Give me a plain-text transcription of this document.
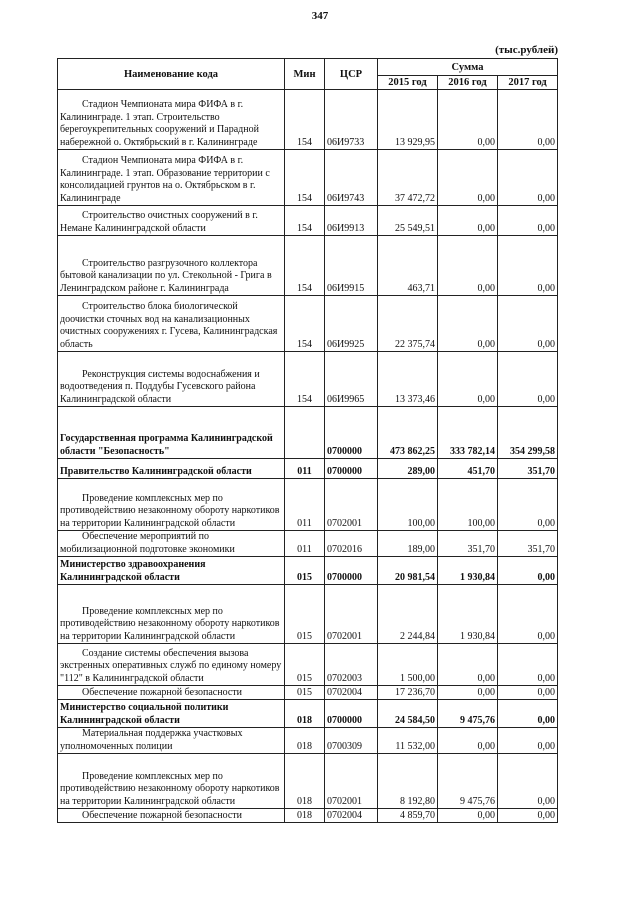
347
(тыс.рублей)
Наименование кода	Мин	ЦСР	Сумма		
			2015 год	2016 год	2017 год
Стадион Чемпионата мира ФИФА в г. Калининграде. 1 этап. Строительство берегоукрепительных сооружений и Парадной набережной о. Октябрьский в г. Калининграде	154	06И9733	13 929,95	0,00	0,00
Стадион Чемпионата мира ФИФА в г. Калининграде. 1 этап. Образование территории с консолидацией грунтов на о. Октябрьском в г. Калининграде	154	06И9743	37 472,72	0,00	0,00
Строительство очистных сооружений в г. Немане Калининградской области	154	06И9913	25 549,51	0,00	0,00
Строительство разгрузочного коллектора бытовой канализации по ул. Стекольной - Грига в Ленинградском районе г. Калининграда	154	06И9915	463,71	0,00	0,00
Строительство блока биологической доочистки сточных вод на канализационных очистных сооружениях г. Гусева, Калининградская область	154	06И9925	22 375,74	0,00	0,00
Реконструкция системы водоснабжения и водоотведения п. Поддубы Гусевского района Калининградской области	154	06И9965	13 373,46	0,00	0,00
Государственная программа Калининградской области "Безопасность"		0700000	473 862,25	333 782,14	354 299,58
Правительство Калининградской области	011	0700000	289,00	451,70	351,70
Проведение комплексных мер по противодействию незаконному обороту наркотиков на территории Калининградской области	011	0702001	100,00	100,00	0,00
Обеспечение мероприятий по мобилизационной подготовке экономики	011	0702016	189,00	351,70	351,70
Министерство здравоохранения Калининградской области	015	0700000	20 981,54	1 930,84	0,00
Проведение комплексных мер по противодействию незаконному обороту наркотиков на территории Калининградской области	015	0702001	2 244,84	1 930,84	0,00
Создание системы обеспечения вызова экстренных оперативных служб по единому номеру "112" в Калининградской области	015	0702003	1 500,00	0,00	0,00
Обеспечение пожарной безопасности	015	0702004	17 236,70	0,00	0,00
Министерство социальной политики Калининградской области	018	0700000	24 584,50	9 475,76	0,00
Материальная поддержка участковых уполномоченных полиции	018	0700309	11 532,00	0,00	0,00
Проведение комплексных мер по противодействию незаконному обороту наркотиков на территории Калининградской области	018	0702001	8 192,80	9 475,76	0,00
Обеспечение пожарной безопасности	018	0702004	4 859,70	0,00	0,00
